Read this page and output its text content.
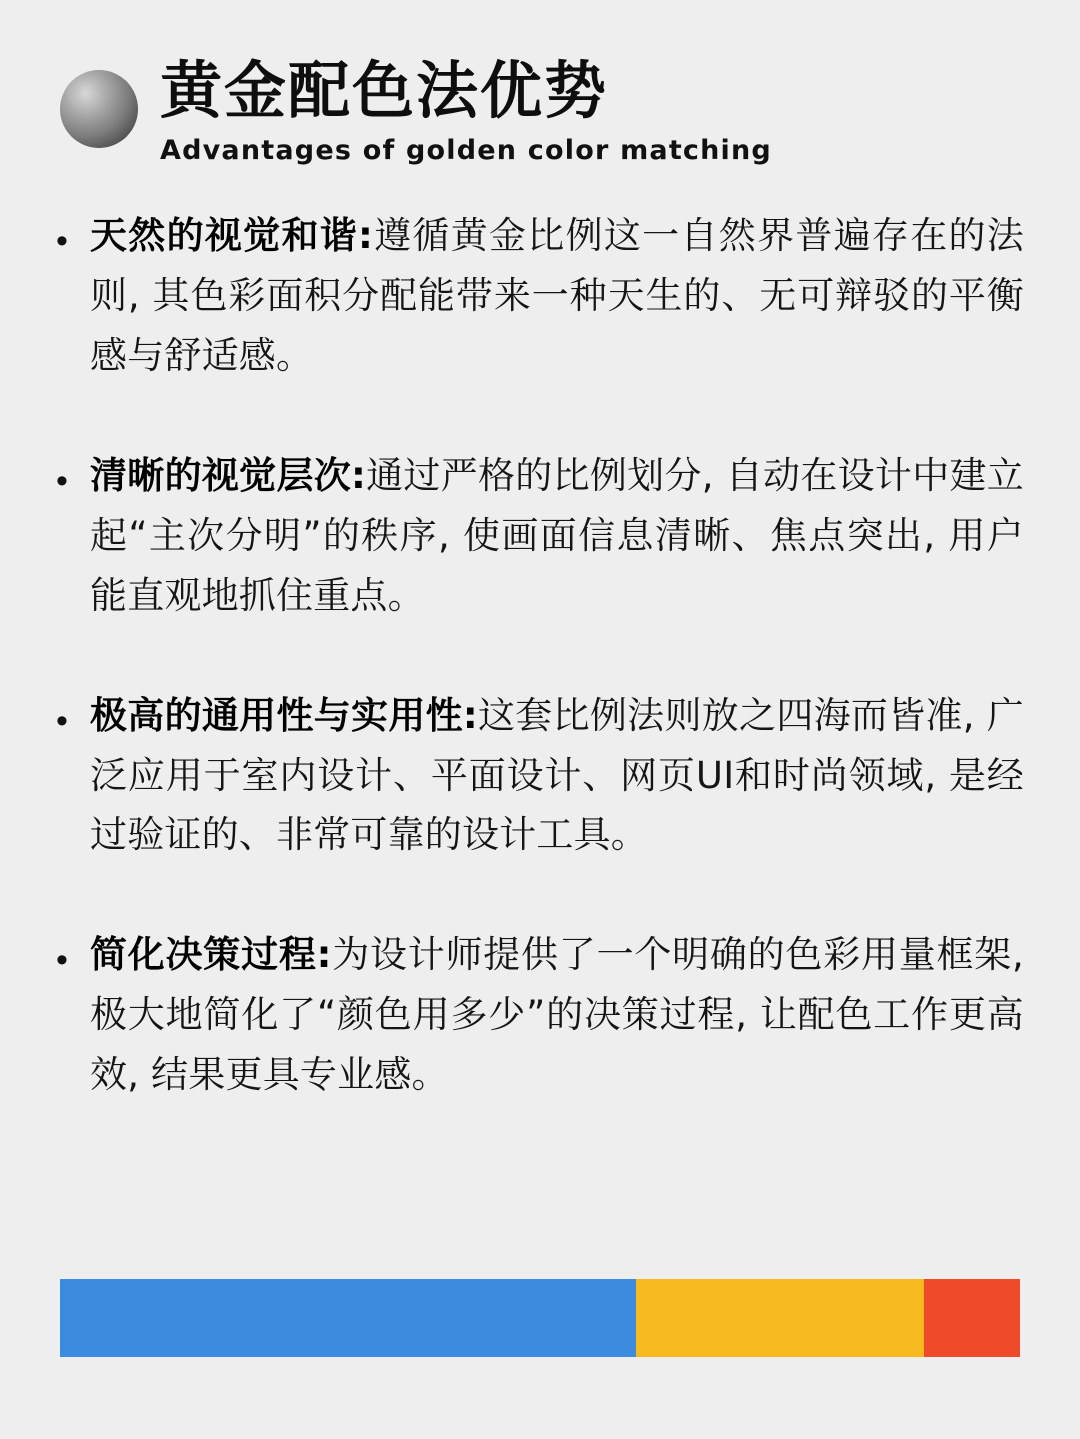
黄金配色法优势
Advantages of golden color matching
• 天然的视觉和谐:遵循黄金比例这一自然界普遍存在的法则, 其色彩面积分配能带来一种天生的、无可辩驳的平衡感与舒适感。
• 清晰的视觉层次:通过严格的比例划分, 自动在设计中建立起“主次分明”的秩序, 使画面信息清晰、焦点突出, 用户能直观地抓住重点。
• 极高的通用性与实用性:这套比例法则放之四海而皆准, 广泛应用于室内设计、平面设计、网页UI和时尚领域, 是经过验证的、非常可靠的设计工具。
• 简化决策过程:为设计师提供了一个明确的色彩用量框架, 极大地简化了“颜色用多少”的决策过程, 让配色工作更高效, 结果更具专业感。
